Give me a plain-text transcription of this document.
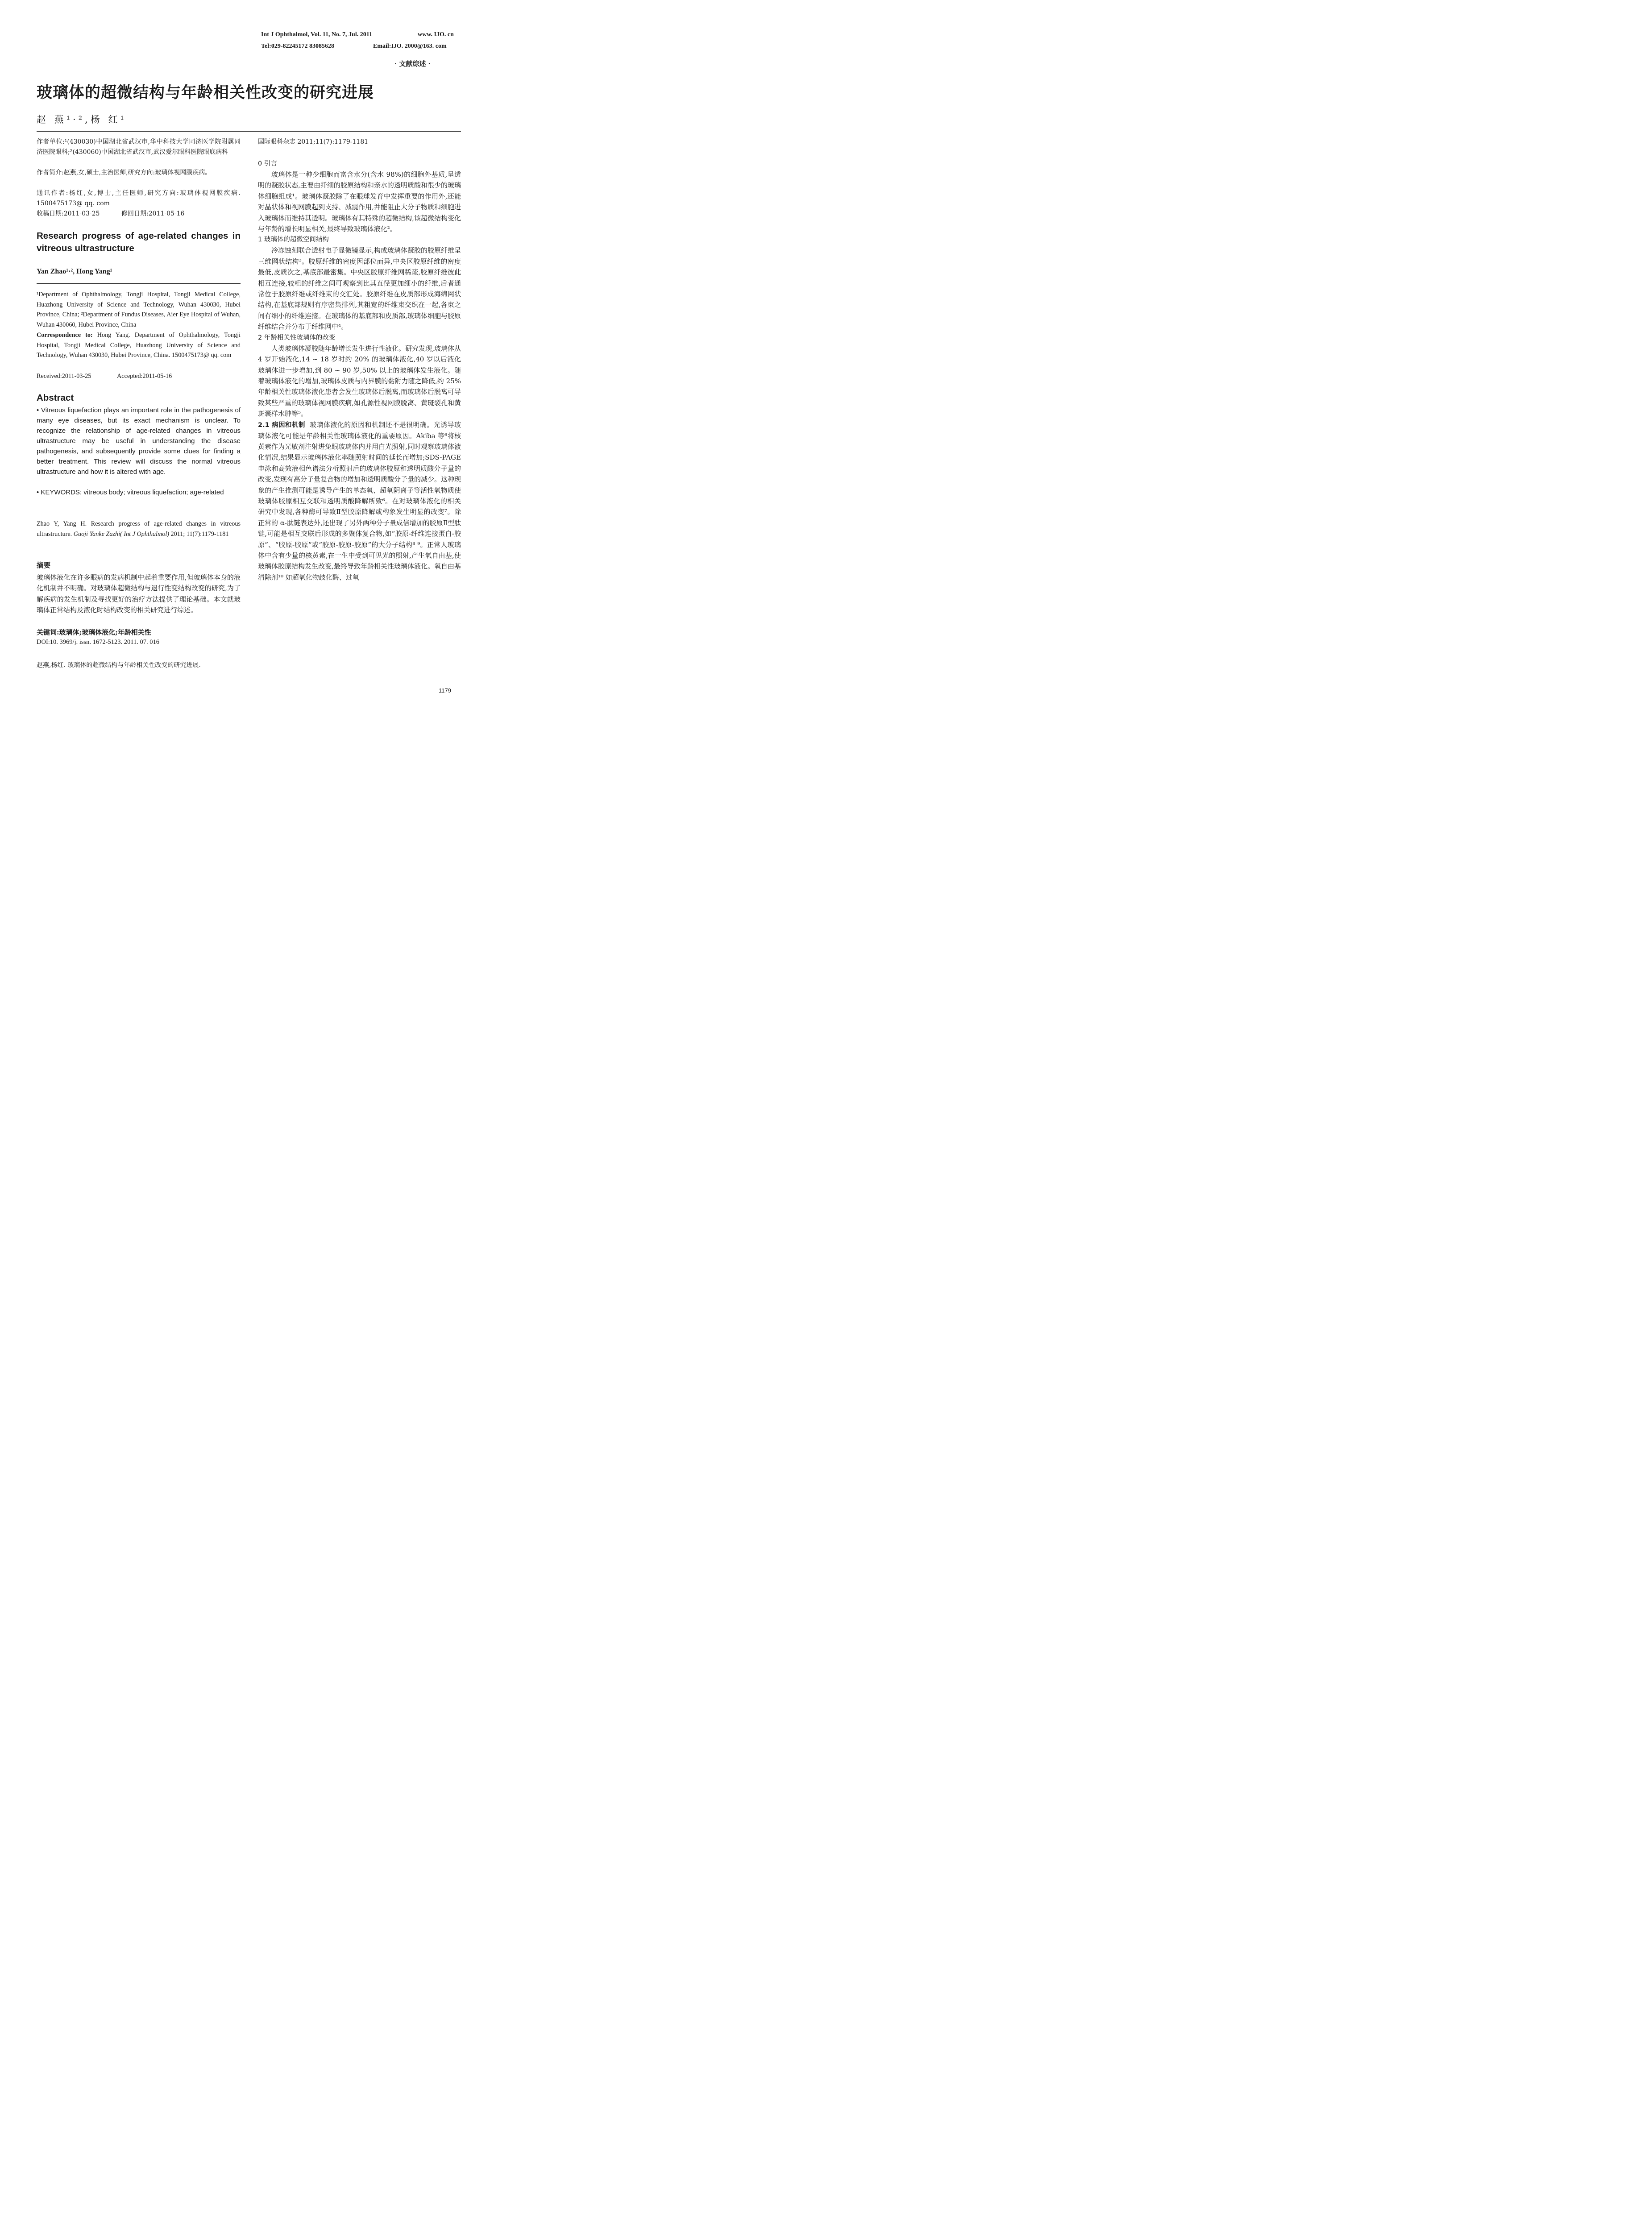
Int J Ophthalmol, Vol. 11, No. 7, Jul. 2011	www. IJO. cn
Tel:029-82245172 83085628	Email:IJO. 2000@163. com
· 文献综述 ·
玻璃体的超微结构与年龄相关性改变的研究进展
赵 燕¹·²,杨 红¹
作者单位:¹(430030)中国湖北省武汉市,华中科技大学同济医学院附属同济医院眼科;²(430060)中国湖北省武汉市,武汉爱尔眼科医院眼底病科
作者简介:赵燕,女,硕士,主治医师,研究方向:玻璃体视网膜疾病。
通讯作者:杨红,女,博士,主任医师,研究方向:玻璃体视网膜疾病. 1500475173@ qq. com
收稿日期:2011-03-25	修回日期:2011-05-16
Research progress of age-related changes in vitreous ultrastructure
Yan Zhao¹·², Hong Yang¹
¹Department of Ophthalmology, Tongji Hospital, Tongji Medical College, Huazhong University of Science and Technology, Wuhan 430030, Hubei Province, China; ²Department of Fundus Diseases, Aier Eye Hospital of Wuhan, Wuhan 430060, Hubei Province, China
Correspondence to: Hong Yang. Department of Ophthalmology, Tongji Hospital, Tongji Medical College, Huazhong University of Science and Technology, Wuhan 430030, Hubei Province, China. 1500475173@ qq. com
Received:2011-03-25	Accepted:2011-05-16
Abstract
• Vitreous liquefaction plays an important role in the pathogenesis of many eye diseases, but its exact mechanism is unclear. To recognize the relationship of age-related changes in vitreous ultrastructure may be useful in understanding the disease pathogenesis, and subsequently provide some clues for finding a better treatment. This review will discuss the normal vitreous ultrastructure and how it is altered with age.
• KEYWORDS: vitreous body; vitreous liquefaction; age-related
Zhao Y, Yang H. Research progress of age-related changes in vitreous ultrastructure. Guoji Yanke Zazhi( Int J Ophthalmol) 2011; 11(7):1179-1181
摘要
玻璃体液化在许多眼病的发病机制中起着重要作用,但玻璃体本身的液化机制并不明确。对玻璃体超微结构与退行性变结构改变的研究,为了解疾病的发生机制及寻找更好的治疗方法提供了理论基础。本文就玻璃体正常结构及液化时结构改变的相关研究进行综述。
关键词:玻璃体;玻璃体液化;年龄相关性
DOI:10. 3969/j. issn. 1672-5123. 2011. 07. 016
赵燕,杨红. 玻璃体的超微结构与年龄相关性改变的研究进展.
国际眼科杂志 2011;11(7):1179-1181
0 引言

玻璃体是一种少细胞而富含水分(含水 98%)的细胞外基质,呈透明的凝胶状态,主要由纤细的胶原结构和亲水的透明质酸和很少的玻璃体细胞组成¹。玻璃体凝胶除了在眼球发育中发挥重要的作用外,还能对晶状体和视网膜起到支持、减震作用,并能阻止大分子物质和细胞进入玻璃体而维持其透明。玻璃体有其特殊的超微结构,该超微结构变化与年龄的增长明显相关,最终导致玻璃体液化²。

1 玻璃体的超微空间结构

冷冻蚀刻联合透射电子显微镜显示,构成玻璃体凝胶的胶原纤维呈三维网状结构³。胶原纤维的密度因部位而异,中央区胶原纤维的密度最低,皮质次之,基底部最密集。中央区胶原纤维网稀疏,胶原纤维彼此相互连接,较粗的纤维之间可观察到比其直径更加细小的纤维,后者通常位于胶原纤维或纤维束的交汇处。胶原纤维在皮质部形成海绵网状结构,在基底部规则有序密集排列,其粗宽的纤维束交织在一起,各束之间有细小的纤维连接。在玻璃体的基底部和皮质部,玻璃体细胞与胶原纤维结合并分布于纤维网中⁴。

2 年龄相关性玻璃体的改变

人类玻璃体凝胶随年龄增长发生进行性液化。研究发现,玻璃体从 4 岁开始液化,14 ~ 18 岁时约 20% 的玻璃体液化,40 岁以后液化玻璃体进一步增加,到 80 ~ 90 岁,50% 以上的玻璃体发生液化。随着玻璃体液化的增加,玻璃体皮质与内界膜的黏附力随之降低,约 25% 年龄相关性玻璃体液化患者会发生玻璃体后脱离,而玻璃体后脱离可导致某些严重的玻璃体视网膜疾病,如孔源性视网膜脱离、黄斑裂孔和黄斑囊样水肿等⁵。

2.1 病因和机制 玻璃体液化的原因和机制还不是很明确。光诱导玻璃体液化可能是年龄相关性玻璃体液化的重要原因。Akiba 等⁶将核黄素作为光敏剂注射进兔眼玻璃体内并用白光照射,同时观察玻璃体液化情况,结果显示玻璃体液化率随照射时间的延长而增加;SDS-PAGE 电泳和高效液相色谱法分析照射后的玻璃体胶原和透明质酸分子量的改变,发现有高分子量复合物的增加和透明质酸分子量的减少。这种现象的产生推测可能是诱导产生的单态氧、超氧阴离子等活性氧物质使玻璃体胶原相互交联和透明质酸降解所致⁶。在对玻璃体液化的相关研究中发现,各种酶可导致Ⅱ型胶原降解或构象发生明显的改变⁷。除正常的 α-肽链表达外,还出现了另外两种分子量成倍增加的胶原Ⅱ型肽链,可能是相互交联后形成的多聚体复合物,如“胶原-纤维连接蛋白-胶原”、“胶原-胶原”或“胶原-胶原-胶原”的大分子结构⁸ ⁹。正常人玻璃体中含有少量的核黄素,在一生中受到可见光的照射,产生氧自由基,使玻璃体胶原结构发生改变,最终导致年龄相关性玻璃体液化。氧自由基清除剂¹⁰ 如超氧化物歧化酶、过氧

1179
